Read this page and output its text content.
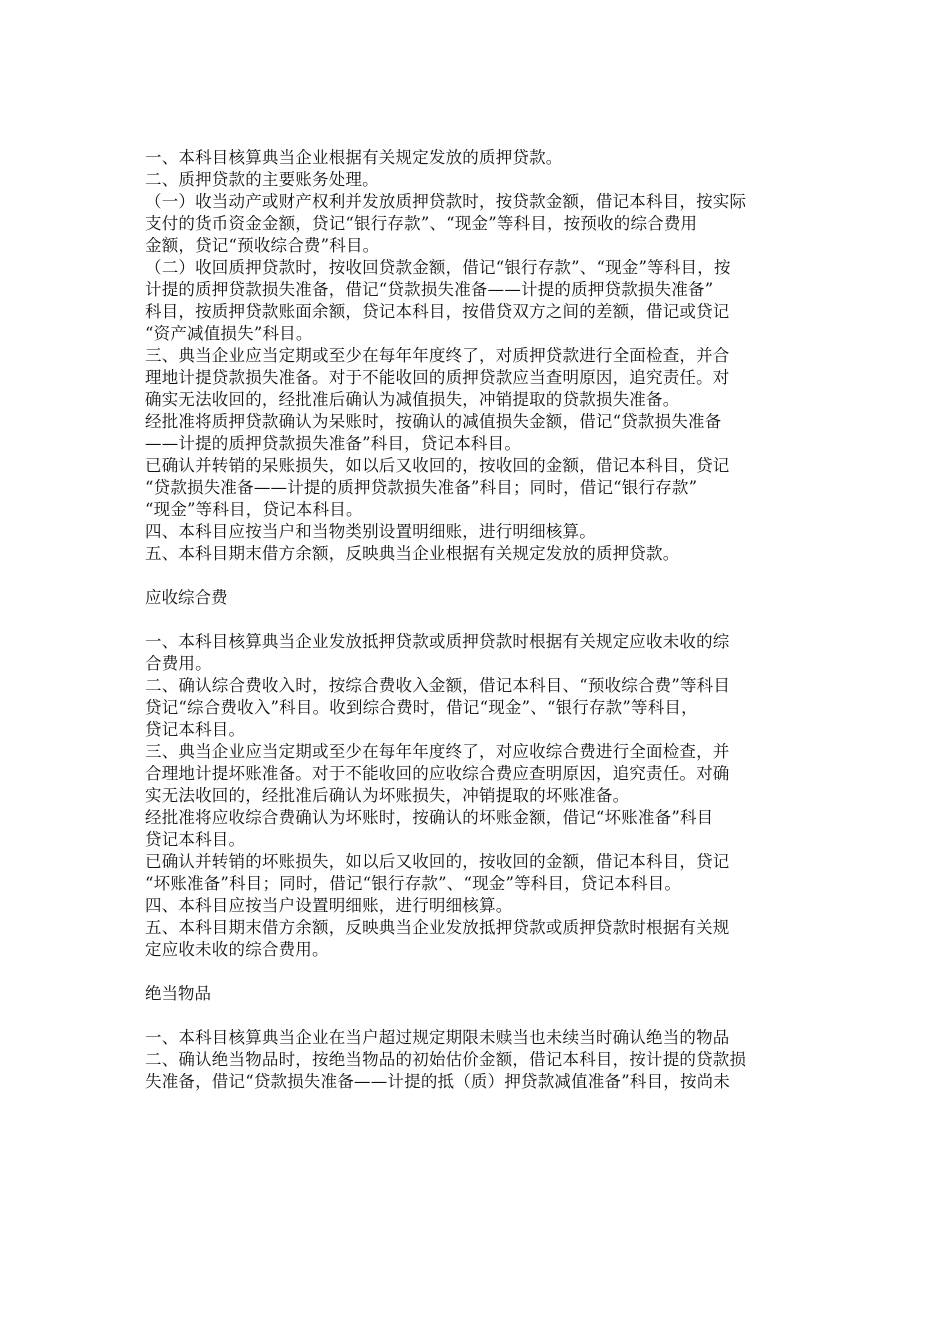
一、本科目核算典当企业根据有关规定发放的质押贷款。
二、质押贷款的主要账务处理。
（一）收当动产或财产权利并发放质押贷款时，按贷款金额，借记本科目，按实际
支付的货币资金金额，贷记“银行存款”、“现金”等科目，按预收的综合费用
金额，贷记“预收综合费”科目。
（二）收回质押贷款时，按收回贷款金额，借记“银行存款”、“现金”等科目，按
计提的质押贷款损失准备，借记“贷款损失准备——计提的质押贷款损失准备”
科目，按质押贷款账面余额，贷记本科目，按借贷双方之间的差额，借记或贷记
“资产减值损失”科目。
三、典当企业应当定期或至少在每年年度终了，对质押贷款进行全面检查，并合
理地计提贷款损失准备。对于不能收回的质押贷款应当查明原因，追究责任。对
确实无法收回的，经批准后确认为减值损失，冲销提取的贷款损失准备。
经批准将质押贷款确认为呆账时，按确认的减值损失金额，借记“贷款损失准备
——计提的质押贷款损失准备”科目，贷记本科目。
已确认并转销的呆账损失，如以后又收回的，按收回的金额，借记本科目，贷记
“贷款损失准备——计提的质押贷款损失准备”科目；同时，借记“银行存款”
“现金”等科目，贷记本科目。
四、本科目应按当户和当物类别设置明细账，进行明细核算。
五、本科目期末借方余额，反映典当企业根据有关规定发放的质押贷款。
应收综合费
一、本科目核算典当企业发放抵押贷款或质押贷款时根据有关规定应收未收的综
合费用。
二、确认综合费收入时，按综合费收入金额，借记本科目、“预收综合费”等科目
贷记“综合费收入”科目。收到综合费时，借记“现金”、“银行存款”等科目，
贷记本科目。
三、典当企业应当定期或至少在每年年度终了，对应收综合费进行全面检查，并
合理地计提坏账准备。对于不能收回的应收综合费应查明原因，追究责任。对确
实无法收回的，经批准后确认为坏账损失，冲销提取的坏账准备。
经批准将应收综合费确认为坏账时，按确认的坏账金额，借记“坏账准备”科目
贷记本科目。
已确认并转销的坏账损失，如以后又收回的，按收回的金额，借记本科目，贷记
“坏账准备”科目；同时，借记“银行存款”、“现金”等科目，贷记本科目。
四、本科目应按当户设置明细账，进行明细核算。
五、本科目期末借方余额，反映典当企业发放抵押贷款或质押贷款时根据有关规
定应收未收的综合费用。
绝当物品
一、本科目核算典当企业在当户超过规定期限未赎当也未续当时确认绝当的物品
二、确认绝当物品时，按绝当物品的初始估价金额，借记本科目，按计提的贷款损
失准备，借记“贷款损失准备——计提的抵（质）押贷款减值准备”科目，按尚未
